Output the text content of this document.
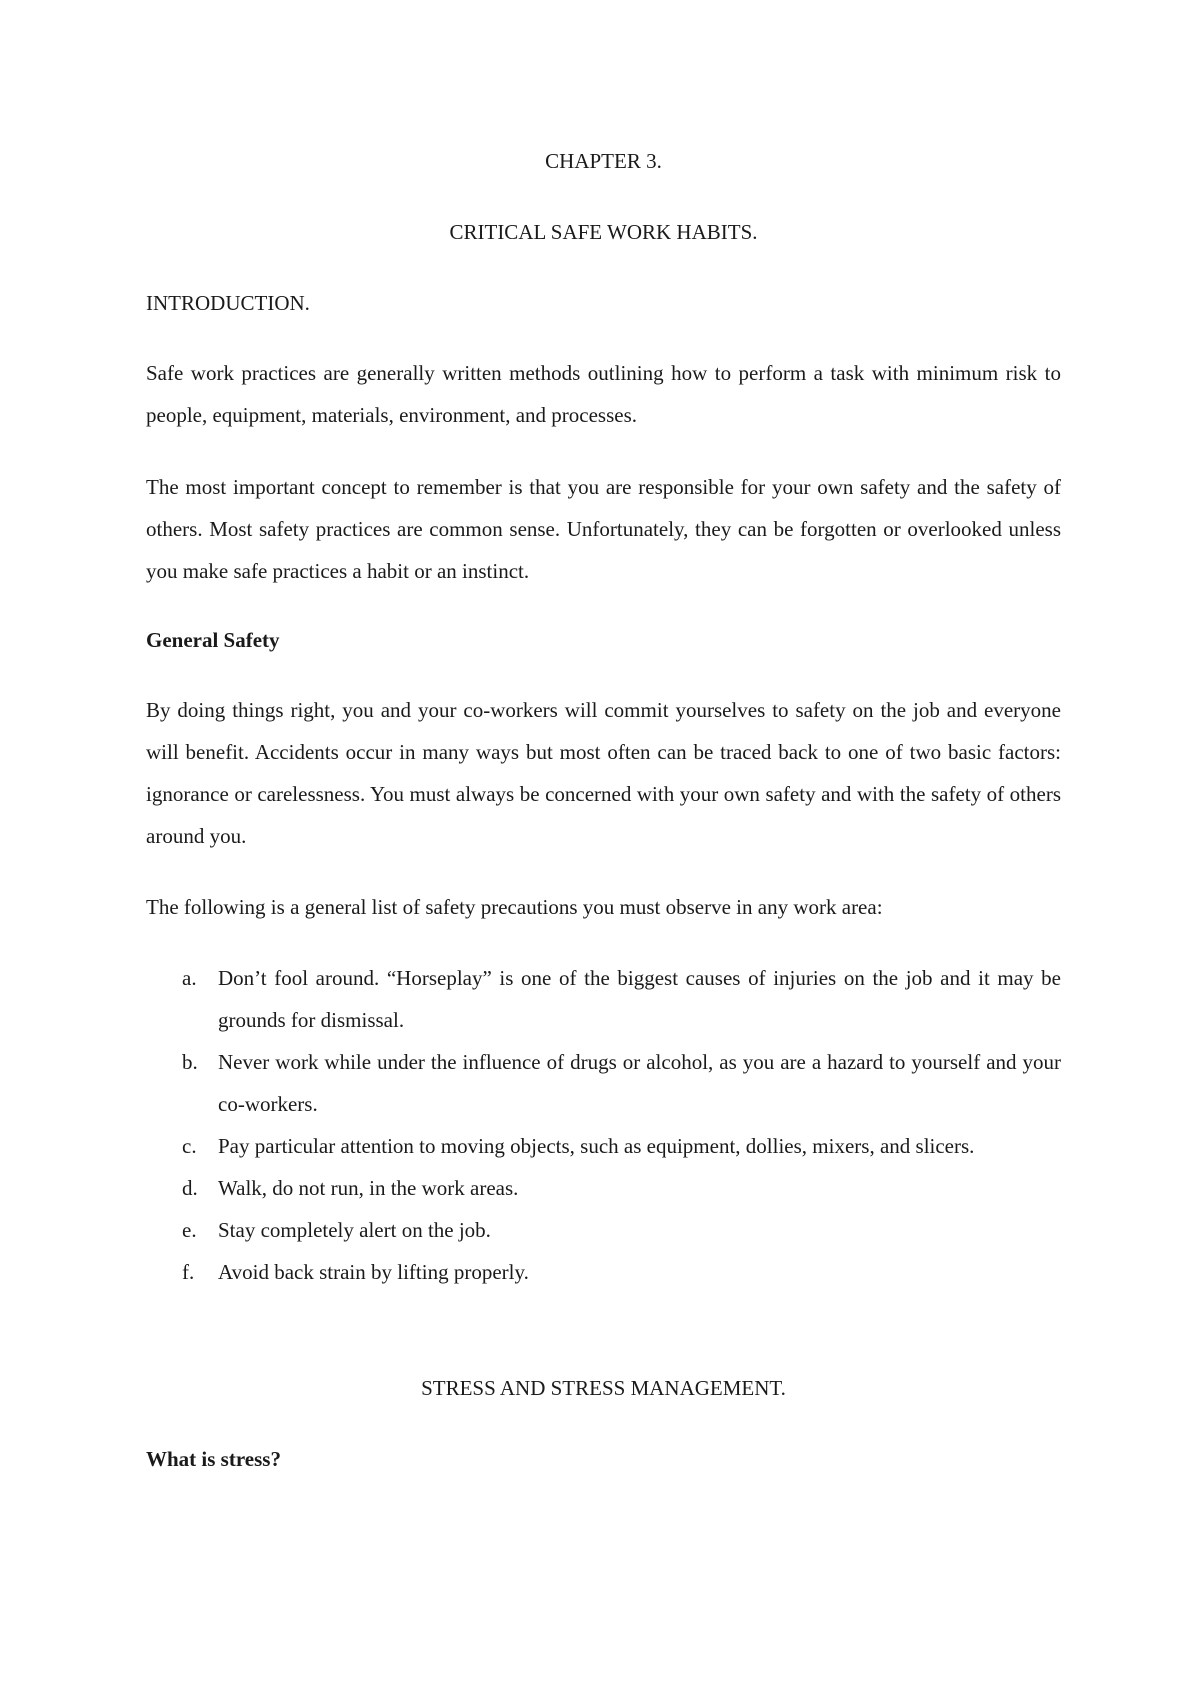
CHAPTER 3.
CRITICAL SAFE WORK HABITS.
INTRODUCTION.
Safe work practices are generally written methods outlining how to perform a task with minimum risk to people, equipment, materials, environment, and processes.
The most important concept to remember is that you are responsible for your own safety and the safety of others. Most safety practices are common sense. Unfortunately, they can be forgotten or overlooked unless you make safe practices a habit or an instinct.
General Safety
By doing things right, you and your co-workers will commit yourselves to safety on the job and everyone will benefit. Accidents occur in many ways but most often can be traced back to one of two basic factors: ignorance or carelessness. You must always be concerned with your own safety and with the safety of others around you.
The following is a general list of safety precautions you must observe in any work area:
a. Don’t fool around. “Horseplay” is one of the biggest causes of injuries on the job and it may be grounds for dismissal.
b. Never work while under the influence of drugs or alcohol, as you are a hazard to yourself and your co-workers.
c. Pay particular attention to moving objects, such as equipment, dollies, mixers, and slicers.
d. Walk, do not run, in the work areas.
e. Stay completely alert on the job.
f. Avoid back strain by lifting properly.
STRESS AND STRESS MANAGEMENT.
What is stress?
